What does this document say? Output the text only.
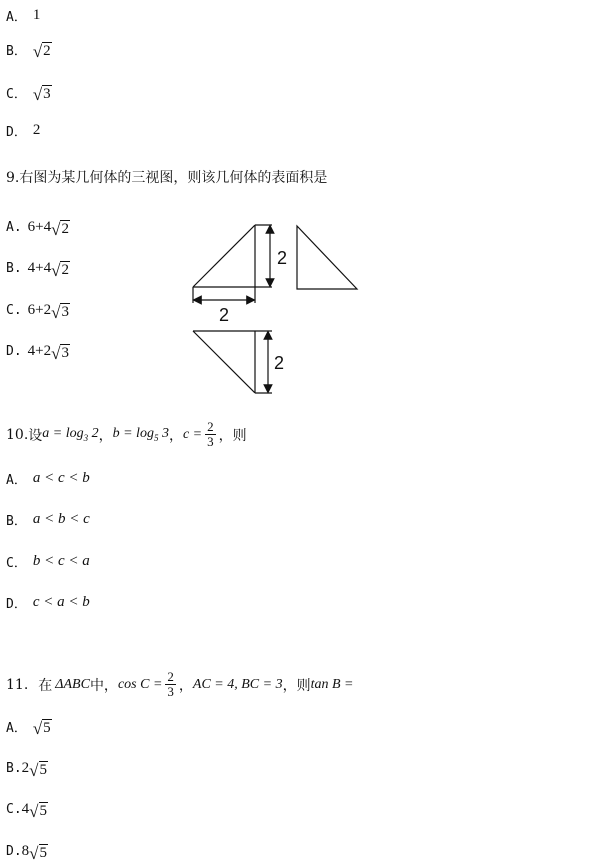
A． 1
B． √ 2
C． √ 3
D． 2
9.右图为某几何体的三视图，则该几何体的表面积是
A. 6+4 √ 2
B. 4+4 √ 2
C. 6+2 √ 3
D. 4+2 √ 3
2
2
2
10. 设 $a = \log_3 2$ ， $b = \log_5 3$ ， $c = \frac{2}{3}$ ，则
A． a < c < b
B． a < b < c
C． b < c < a
D． c < a < b
11. 在 ΔABC 中， $\cos C = \frac{2}{3}$ ， AC = 4, BC = 3 ，则 tan B =
A． √ 5
B. 2 √ 5
C. 4 √ 5
D. 8 √ 5
